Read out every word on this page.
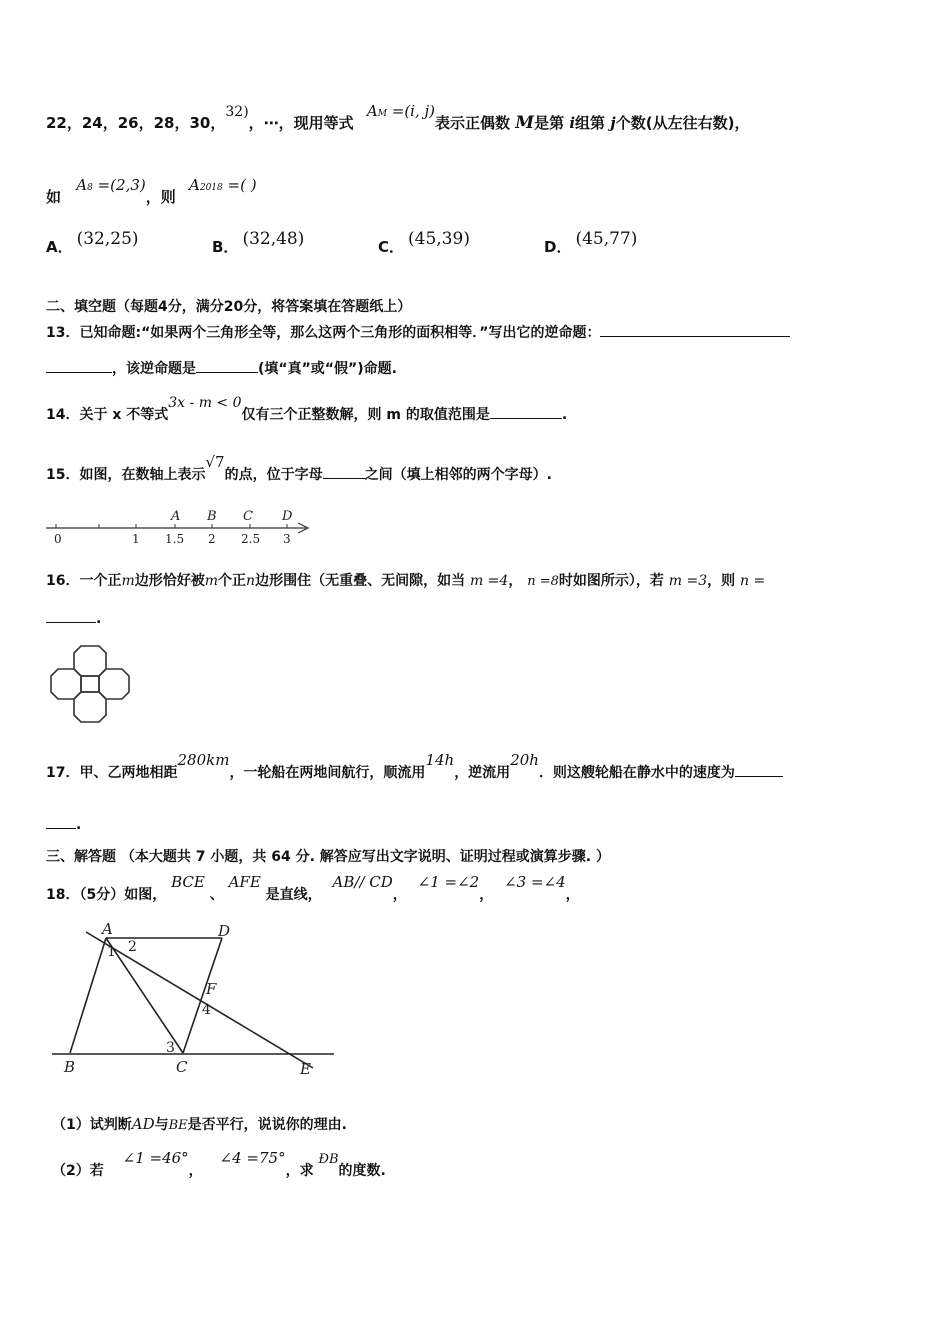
22，24，26，28，30，32)，⋯，现用等式 AM =(i, j)表示正偶数 M是第 i组第 j个数(从左往右数)，
如 A8 =(2,3)，则 A2018 =( )
A． (32,25)	B． (32,48)	C． (45,39)	D． (45,77)
二、填空题（每题4分，满分20分，将答案填在答题纸上）
13．已知命题:“如果两个三角形全等，那么这两个三角形的面积相等．”写出它的逆命题：
，该逆命题是	(填“真”或“假”)命题.
14．关于 x 不等式3x - m < 0仅有三个正整数解，则 m 的取值范围是	.
15．如图，在数轴上表示√7的点，位于字母	之间（填上相邻的两个字母）.
A B C D
0	1 1.5 2 2.5 3
16．一个正m边形恰好被m个正n边形围住（无重叠、无间隙，如当 m =4， n =8时如图所示），若 m =3，则 n =
.
17．甲、乙两地相距280km，一轮船在两地间航行，顺流用14h，逆流用20h．则这艘轮船在静水中的速度为
.
三、解答题 （本大题共 7 小题，共 64 分. 解答应写出文字说明、证明过程或演算步骤. ）
18．（5分）如图， BCE 、 AFE 是直线， AB// CD， ∠1 =∠2， ∠3 =∠4，
A	D
F
B	C	E
1 2
4
3
（1）试判断AD与BE是否平行，说说你的理由.
（2）若 ∠1 =46°， ∠4 =75°，求 ÐB的度数.
